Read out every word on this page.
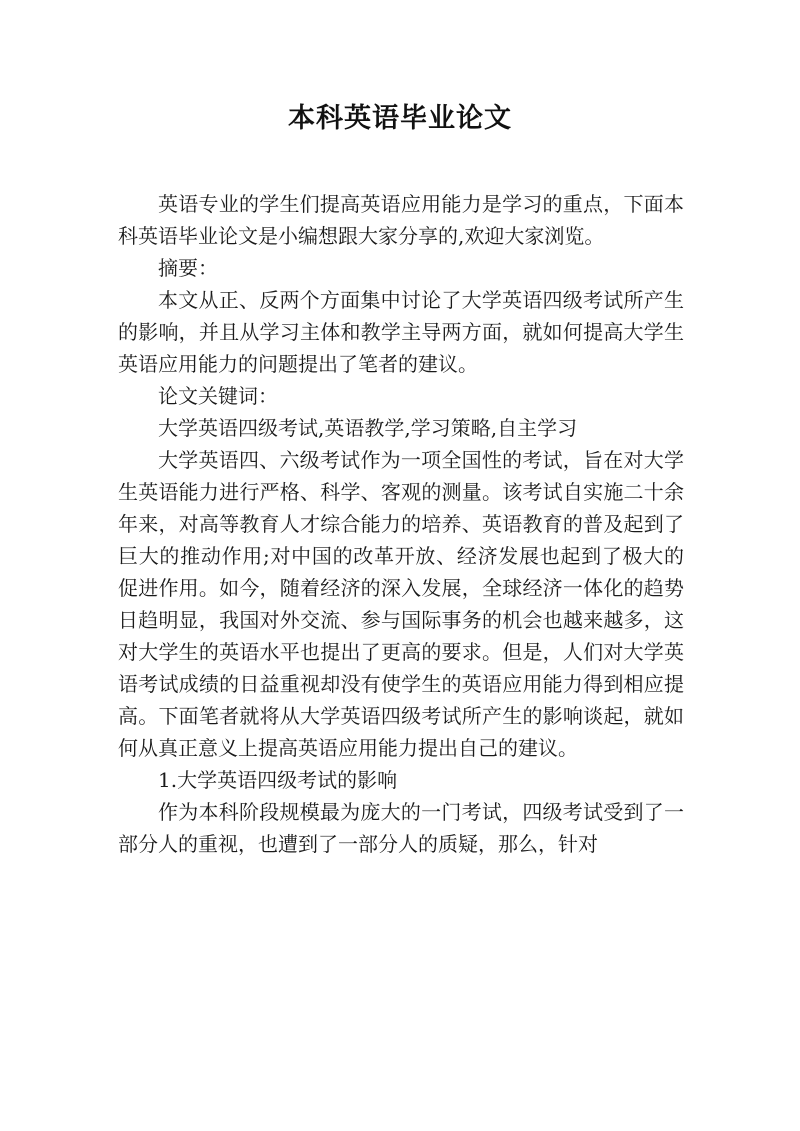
本科英语毕业论文

英语专业的学生们提高英语应用能力是学习的重点，下面本科英语毕业论文是小编想跟大家分享的,欢迎大家浏览。

摘要：

本文从正、反两个方面集中讨论了大学英语四级考试所产生的影响，并且从学习主体和教学主导两方面，就如何提高大学生英语应用能力的问题提出了笔者的建议。

论文关键词：

大学英语四级考试,英语教学,学习策略,自主学习

大学英语四、六级考试作为一项全国性的考试，旨在对大学生英语能力进行严格、科学、客观的测量。该考试自实施二十余年来，对高等教育人才综合能力的培养、英语教育的普及起到了巨大的推动作用;对中国的改革开放、经济发展也起到了极大的促进作用。如今，随着经济的深入发展，全球经济一体化的趋势日趋明显，我国对外交流、参与国际事务的机会也越来越多，这对大学生的英语水平也提出了更高的要求。但是，人们对大学英语考试成绩的日益重视却没有使学生的英语应用能力得到相应提高。下面笔者就将从大学英语四级考试所产生的影响谈起，就如何从真正意义上提高英语应用能力提出自己的建议。

1.大学英语四级考试的影响

作为本科阶段规模最为庞大的一门考试，四级考试受到了一部分人的重视，也遭到了一部分人的质疑，那么，针对
